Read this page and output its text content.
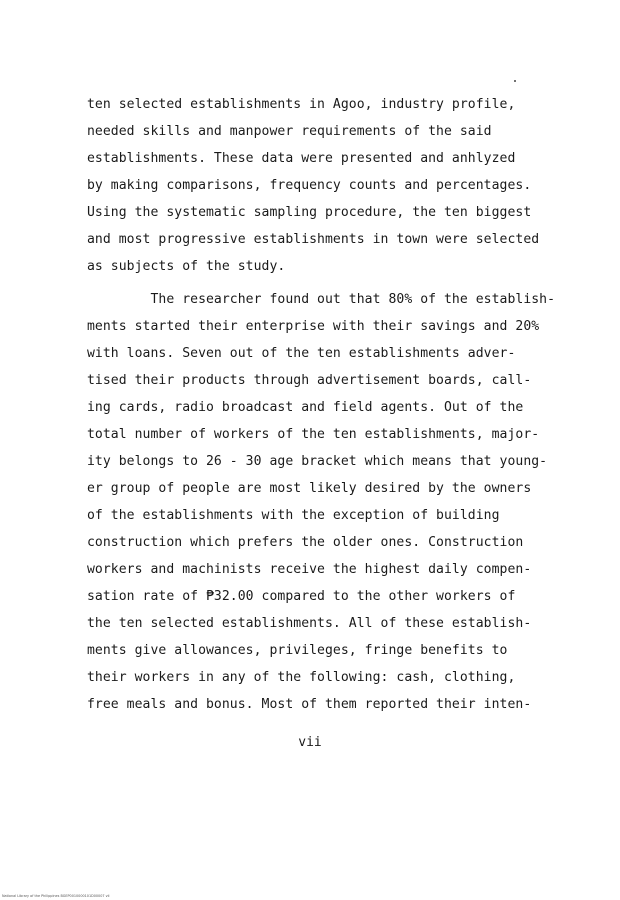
ten selected establishments in Agoo, industry profile,
needed skills and manpower requirements of the said
establishments. These data were presented and anhlyzed
by making comparisons, frequency counts and percentages.
Using the systematic sampling procedure, the ten biggest
and most progressive establishments in town were selected
as subjects of the study.
The researcher found out that 80% of the establish-
ments started their enterprise with their savings and 20%
with loans. Seven out of the ten establishments adver-
tised their products through advertisement boards, call-
ing cards, radio broadcast and field agents. Out of the
total number of workers of the ten establishments, major-
ity belongs to 26 - 30 age bracket which means that young-
er group of people are most likely desired by the owners
of the establishments with the exception of building
construction which prefers the older ones. Construction
workers and machinists receive the highest daily compen-
sation rate of ₱32.00 compared to the other workers of
the ten selected establishments. All of these establish-
ments give allowances, privileges, fringe benefits to
their workers in any of the following: cash, clothing,
free meals and bonus. Most of them reported their inten-
vii
National Library of the Philippines BGEP0010000101D00007 vii
